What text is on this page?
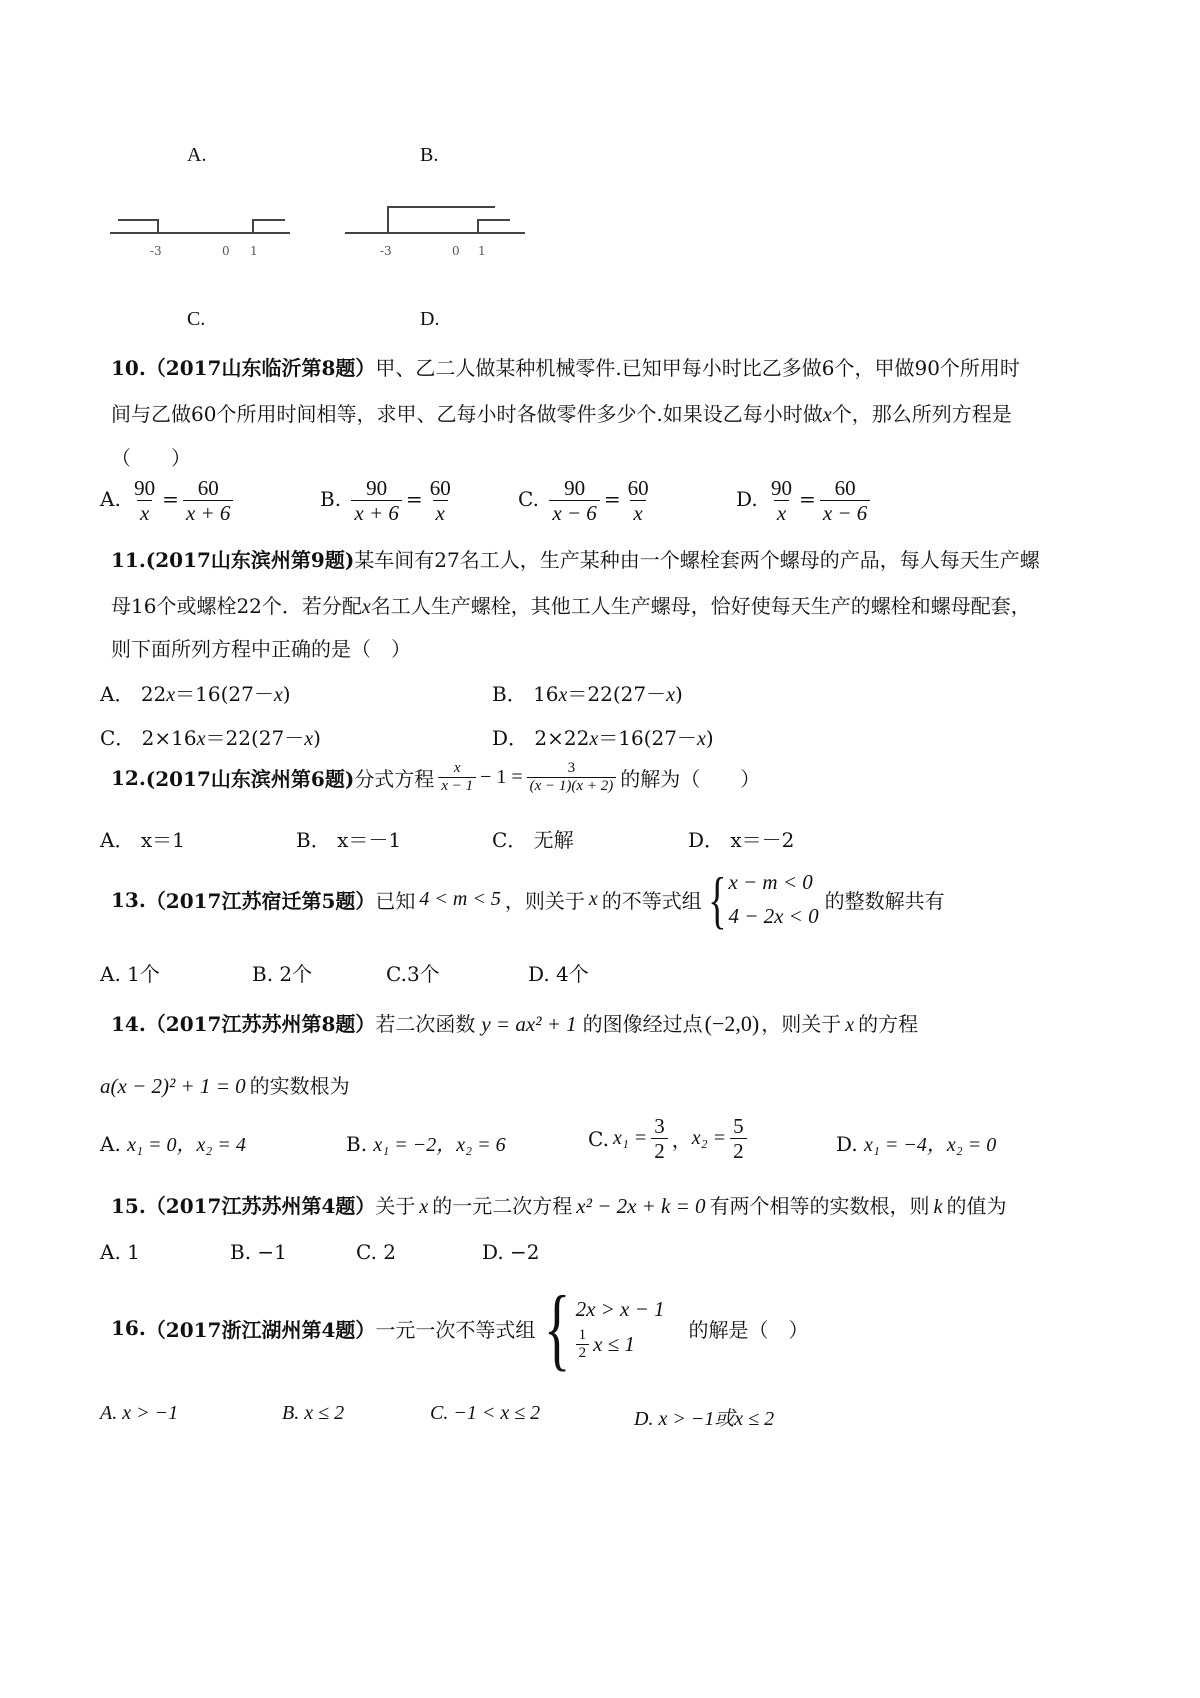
A.	B.
-3	0 1	-3	0 1
C.	D.
10.（2017山东临沂第8题）甲、乙二人做某种机械零件.已知甲每小时比乙多做6个，甲做90个所用时
间与乙做60个所用时间相等，求甲、乙每小时各做零件多少个.如果设乙每小时做x个，那么所列方程是
（　　）
A. $\frac{90}{x} = \frac{60}{x + 6}$	B. $\frac{90}{x + 6} = \frac{60}{x}$	C. $\frac{90}{x - 6} = \frac{60}{x}$	D. $\frac{90}{x} = \frac{60}{x - 6}$
11.(2017山东滨州第9题)某车间有27名工人，生产某种由一个螺栓套两个螺母的产品，每人每天生产螺
母16个或螺栓22个．若分配x名工人生产螺栓，其他工人生产螺母，恰好使每天生产的螺栓和螺母配套，
则下面所列方程中正确的是（　）
A． 22x＝16(27－x)	B． 16x＝22(27－x)
C． 2×16x＝22(27－x)	D． 2×22x＝16(27－x)
12. (2017山东滨州第6题) 分式方程 $\frac{x}{x - 1} - 1 = \frac{3}{(x - 1)(x + 2)}$ 的解为（　　）
A． x＝1	B． x＝－1	C． 无解	D． x＝－2
13. （2017江苏宿迁第5题） 已知 4 < m < 5 ，则关于 x 的不等式组 { x − m < 0
4 − 2x < 0
的整数解共有
A. 1个	B. 2个	C.3个	D. 4个
14.（2017江苏苏州第8题）若二次函数 y = ax² + 1 的图像经过点(−2,0) ，则关于 x 的方程
a(x − 2)² + 1 = 0 的实数根为
A. x₁ = 0，x₂ = 4	B. x₁ = −2，x₂ = 6	C. $x_1 = \frac{3}{2}$ ， $x_2 = \frac{5}{2}$	D. x₁ = −4，x₂ = 0
15.（2017江苏苏州第4题）关于 x 的一元二次方程 x² − 2x + k = 0 有两个相等的实数根，则 k 的值为
A. 1	B. −1	C. 2	D. −2
16. （2017浙江湖州第4题） 一元一次不等式组 { 2x > x − 1
$\frac{1}{2}$ x ≤ 1
的解是（　）
A. x > −1	B. x ≤ 2	C. −1 < x ≤ 2	D. x > −1或x ≤ 2
